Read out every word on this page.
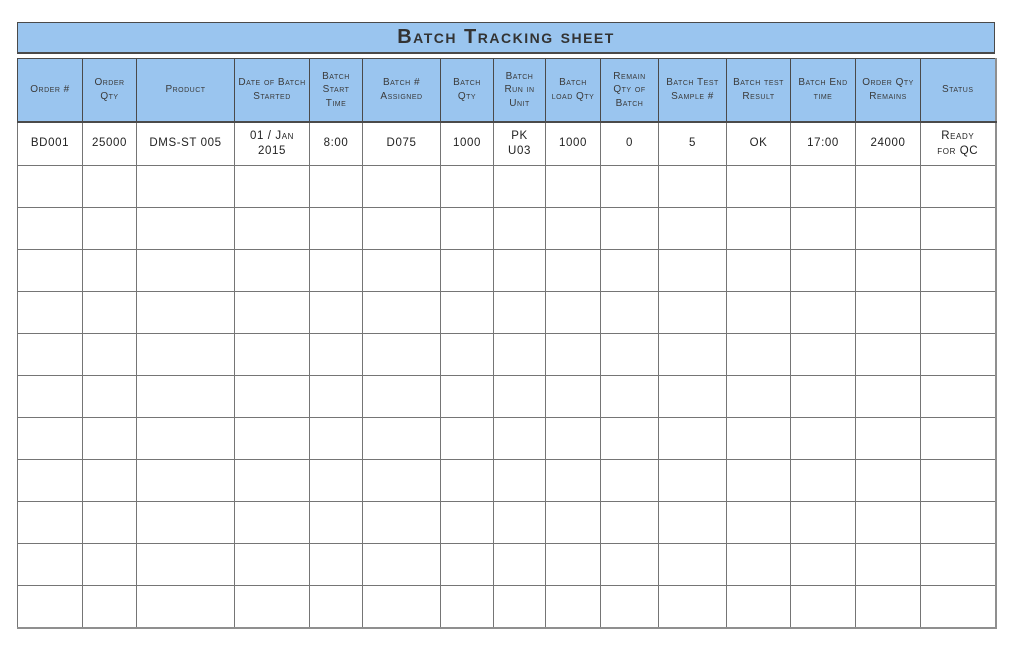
Batch Tracking sheet
Order #	Order Qty	Product	Date of Batch Started	Batch Start Time	Batch # Assigned	Batch Qty	Batch Run in Unit	Batch load Qty	Remain Qty of Batch	Batch Test Sample #	Batch test Result	Batch End time	Order Qty Remains	Status
BD001	25000	DMS-ST 005	01 / Jan 2015	8:00	D075	1000	PK U03	1000	0	5	OK	17:00	24000	Ready for QC
